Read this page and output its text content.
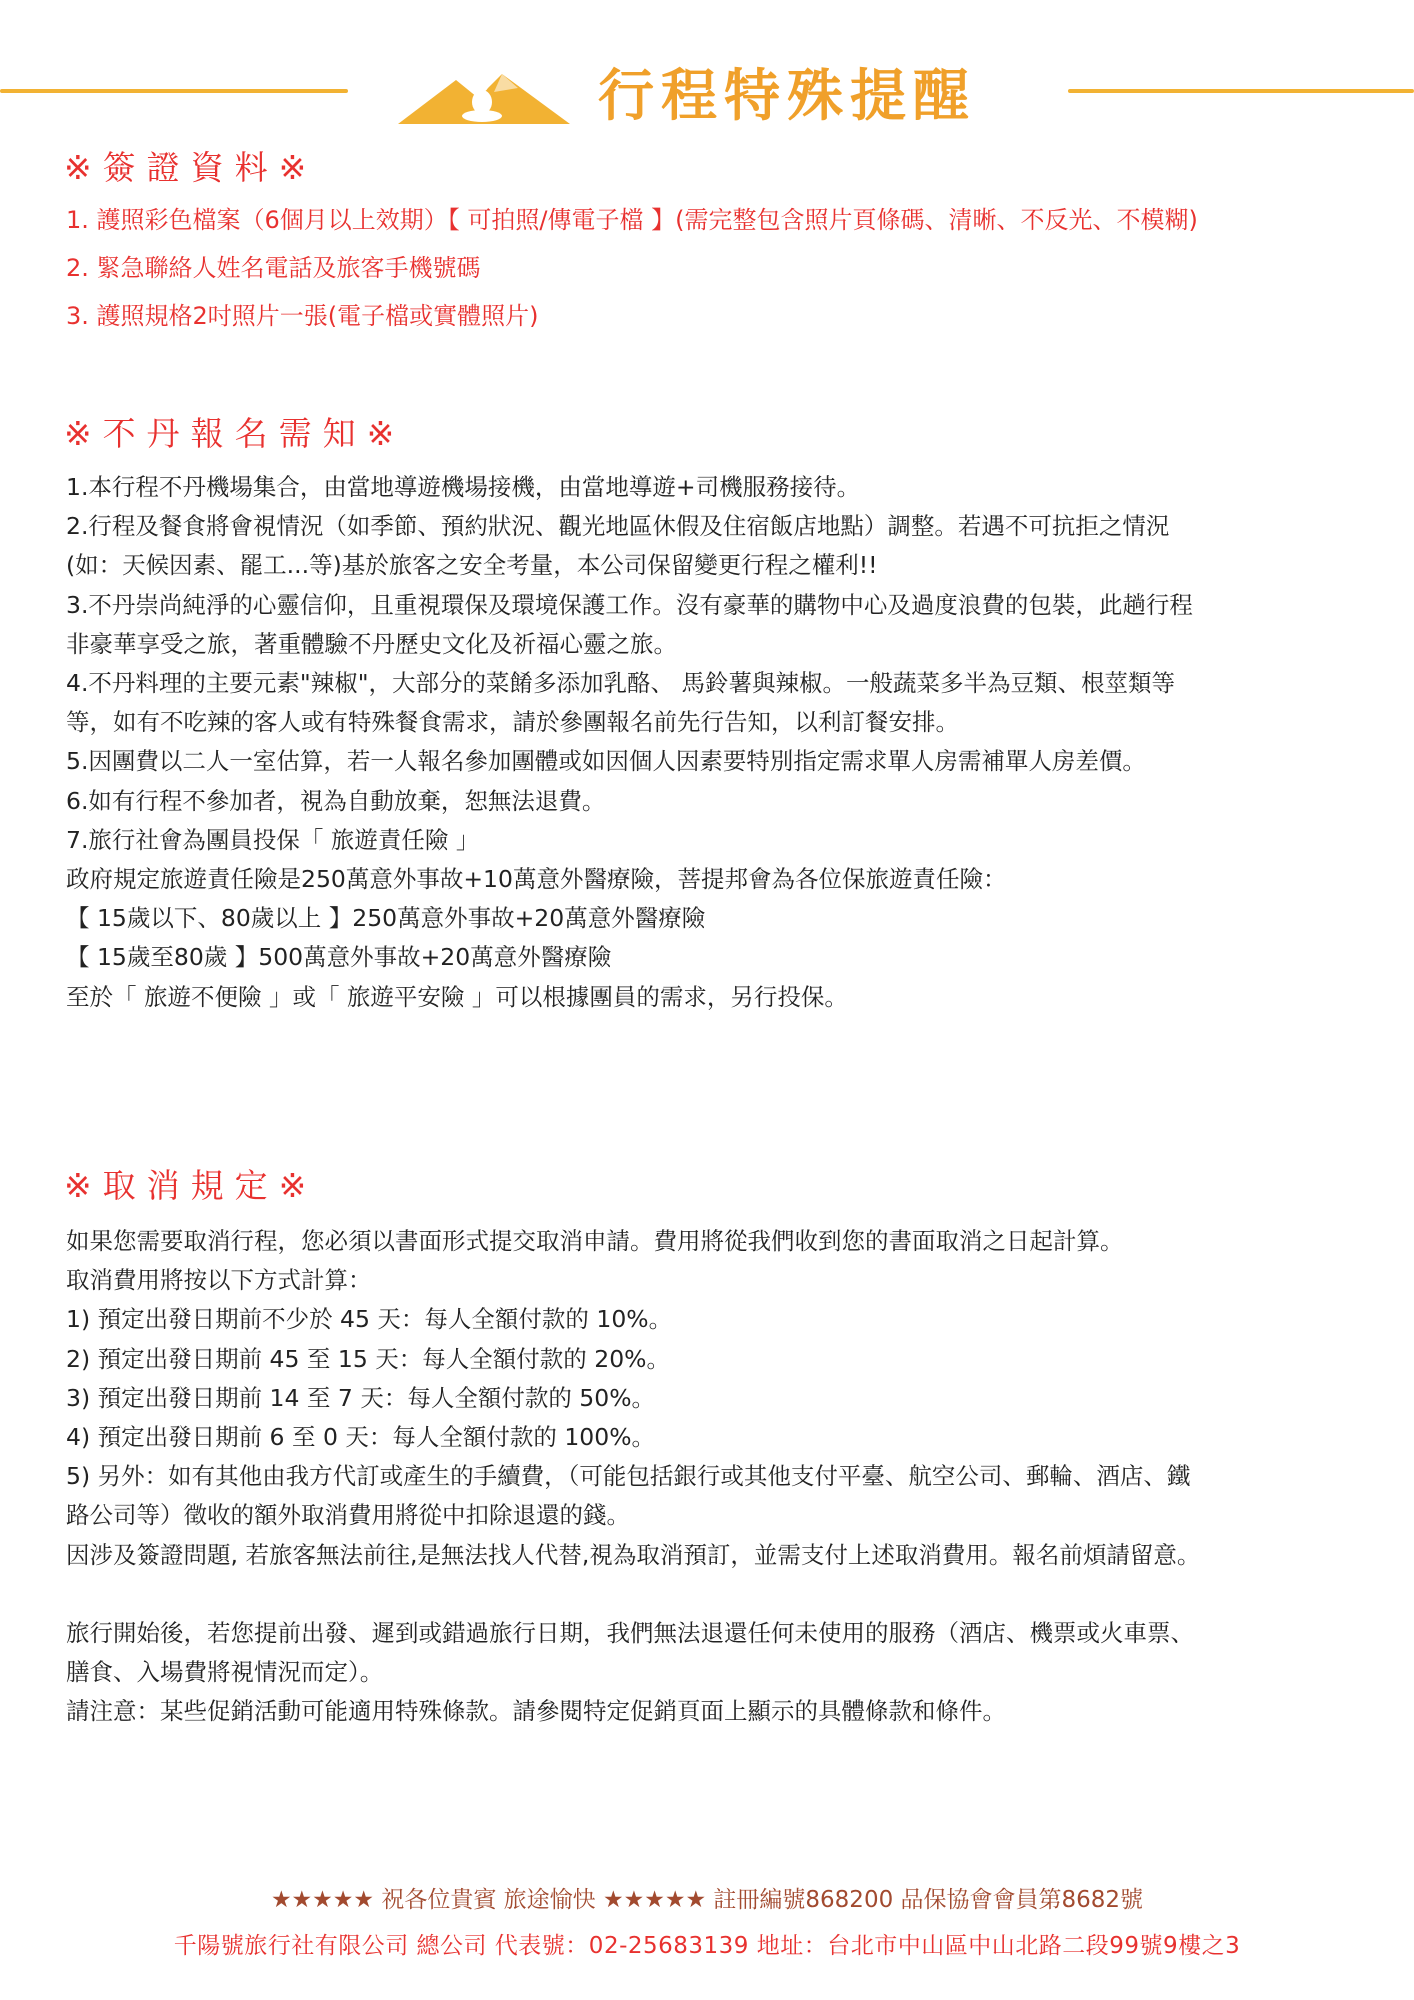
行程特殊提醒
※簽證資料※
1. 護照彩色檔案（6個月以上效期）【 可拍照/傳電子檔 】(需完整包含照片頁條碼、清晰、不反光、不模糊)
2. 緊急聯絡人姓名電話及旅客手機號碼
3. 護照規格2吋照片一張(電子檔或實體照片)
※不丹報名需知※
1.本行程不丹機場集合，由當地導遊機場接機，由當地導遊+司機服務接待。
2.行程及餐食將會視情況（如季節、預約狀況、觀光地區休假及住宿飯店地點）調整。若遇不可抗拒之情況
(如：天候因素、罷工...等)基於旅客之安全考量，本公司保留變更行程之權利!!
3.不丹崇尚純淨的心靈信仰，且重視環保及環境保護工作。沒有豪華的購物中心及過度浪費的包裝，此趟行程
非豪華享受之旅，著重體驗不丹歷史文化及祈福心靈之旅。
4.不丹料理的主要元素"辣椒"，大部分的菜餚多添加乳酪、 馬鈴薯與辣椒。一般蔬菜多半為豆類、根莖類等
等，如有不吃辣的客人或有特殊餐食需求，請於參團報名前先行告知，以利訂餐安排。
5.因團費以二人一室估算，若一人報名參加團體或如因個人因素要特別指定需求單人房需補單人房差價。
6.如有行程不參加者，視為自動放棄，恕無法退費。
7.旅行社會為團員投保「 旅遊責任險 」
政府規定旅遊責任險是250萬意外事故+10萬意外醫療險，菩提邦會為各位保旅遊責任險：
【 15歲以下、80歲以上 】250萬意外事故+20萬意外醫療險
【 15歲至80歲 】500萬意外事故+20萬意外醫療險
至於「 旅遊不便險 」或「 旅遊平安險 」可以根據團員的需求，另行投保。
※取消規定※
如果您需要取消行程，您必須以書面形式提交取消申請。費用將從我們收到您的書面取消之日起計算。
取消費用將按以下方式計算：
1) 預定出發日期前不少於 45 天：每人全額付款的 10%。
2) 預定出發日期前 45 至 15 天：每人全額付款的 20%。
3) 預定出發日期前 14 至 7 天：每人全額付款的 50%。
4) 預定出發日期前 6 至 0 天：每人全額付款的 100%。
5) 另外：如有其他由我方代訂或產生的手續費，（可能包括銀行或其他支付平臺、航空公司、郵輪、酒店、鐵
路公司等）徵收的額外取消費用將從中扣除退還的錢。
因涉及簽證問題, 若旅客無法前往,是無法找人代替,視為取消預訂，並需支付上述取消費用。報名前煩請留意。

旅行開始後，若您提前出發、遲到或錯過旅行日期，我們無法退還任何未使用的服務（酒店、機票或火車票、
膳食、入場費將視情況而定）。
請注意：某些促銷活動可能適用特殊條款。請參閱特定促銷頁面上顯示的具體條款和條件。
★★★★★ 祝各位貴賓 旅途愉快 ★★★★★ 註冊編號868200 品保協會會員第8682號
千陽號旅行社有限公司 總公司 代表號：02-25683139 地址：台北市中山區中山北路二段99號9樓之3
